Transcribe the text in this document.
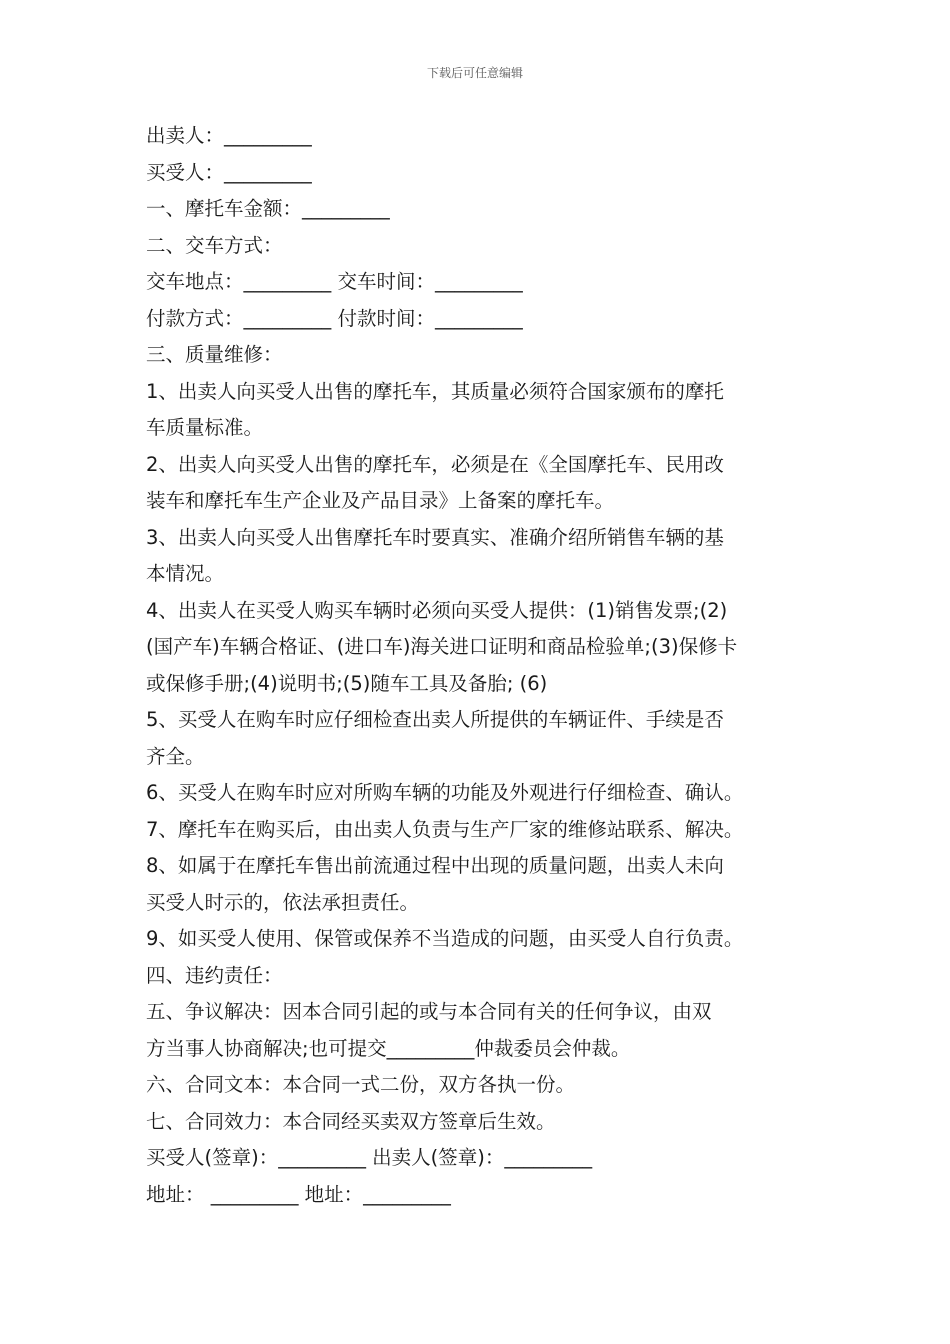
下载后可任意编辑

出卖人：_________

买受人：_________

一、摩托车金额：_________

二、交车方式：

交车地点：_________ 交车时间：_________

付款方式：_________ 付款时间：_________

三、质量维修：

1、出卖人向买受人出售的摩托车，其质量必须符合国家颁布的摩托

车质量标准。

2、出卖人向买受人出售的摩托车，必须是在《全国摩托车、民用改

装车和摩托车生产企业及产品目录》上备案的摩托车。

3、出卖人向买受人出售摩托车时要真实、准确介绍所销售车辆的基

本情况。

4、出卖人在买受人购买车辆时必须向买受人提供：(1)销售发票;(2)

(国产车)车辆合格证、(进口车)海关进口证明和商品检验单;(3)保修卡

或保修手册;(4)说明书;(5)随车工具及备胎; (6)

5、买受人在购车时应仔细检查出卖人所提供的车辆证件、手续是否

齐全。

6、买受人在购车时应对所购车辆的功能及外观进行仔细检查、确认。

7、摩托车在购买后，由出卖人负责与生产厂家的维修站联系、解决。

8、如属于在摩托车售出前流通过程中出现的质量问题，出卖人未向

买受人时示的，依法承担责任。

9、如买受人使用、保管或保养不当造成的问题，由买受人自行负责。

四、违约责任：

五、争议解决：因本合同引起的或与本合同有关的任何争议，由双

方当事人协商解决;也可提交_________仲裁委员会仲裁。

六、合同文本：本合同一式二份，双方各执一份。

七、合同效力：本合同经买卖双方签章后生效。

买受人(签章)：_________ 出卖人(签章)：_________

地址： _________ 地址：_________
